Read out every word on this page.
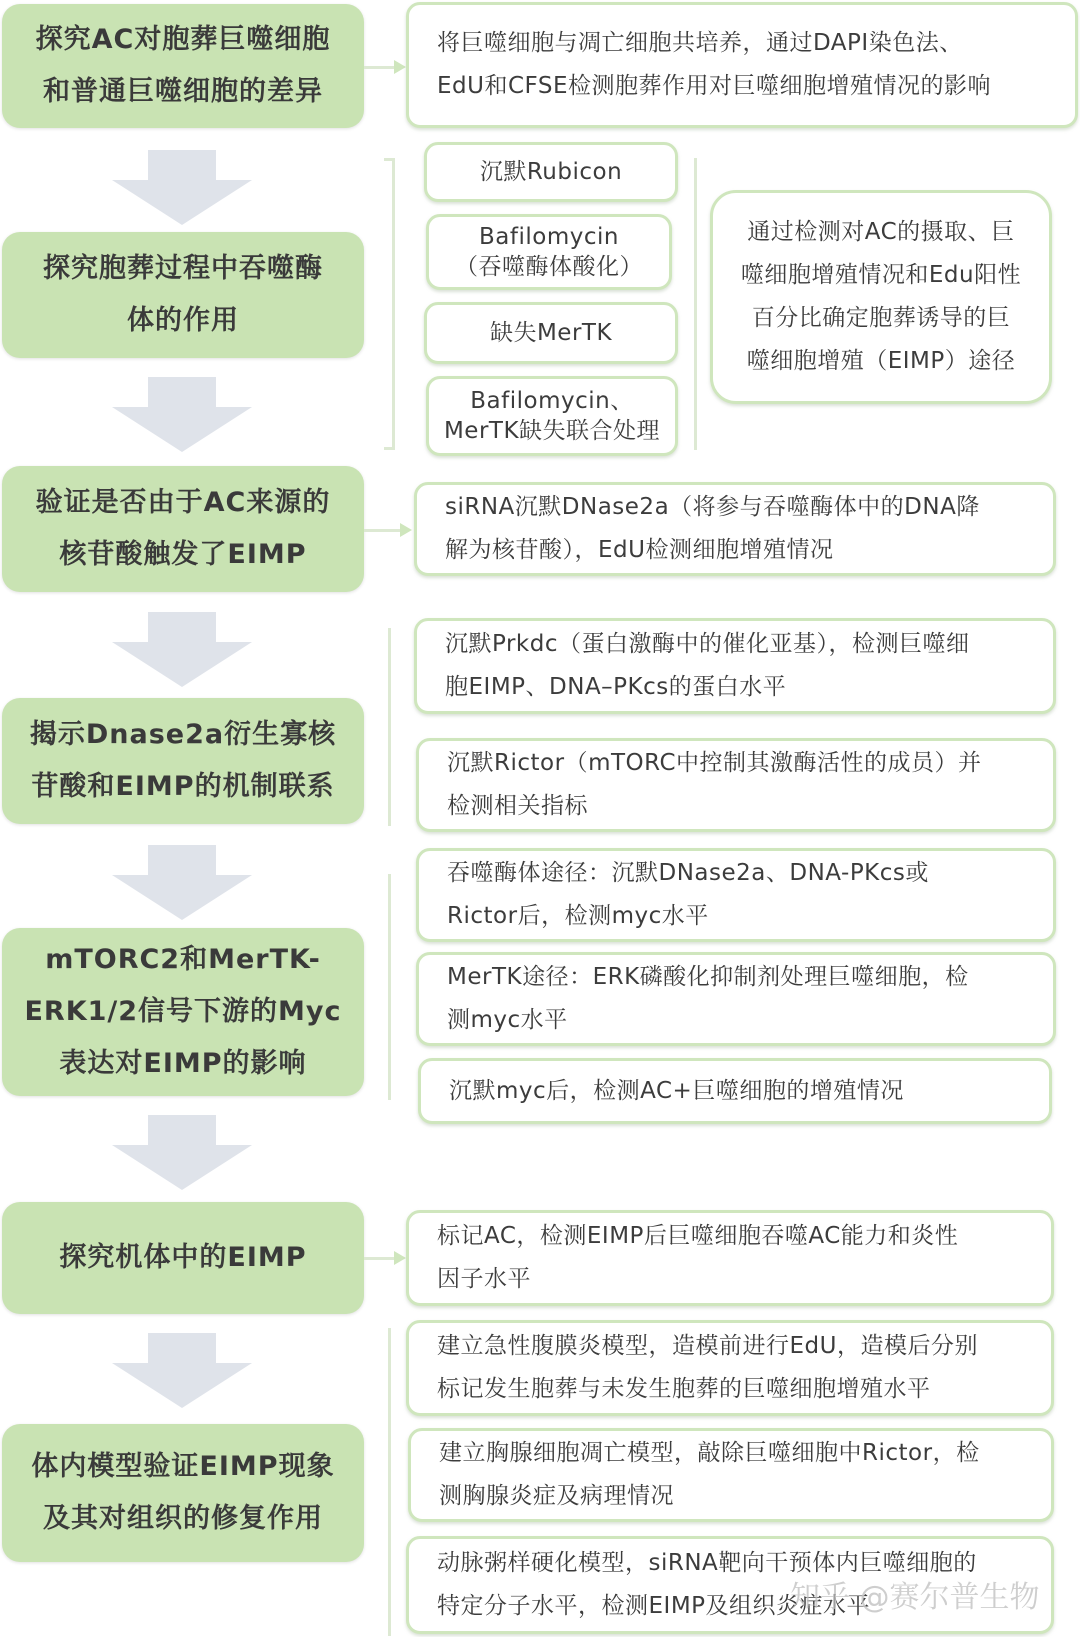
探究AC对胞葬巨噬细胞
和普通巨噬细胞的差异
探究胞葬过程中吞噬酶
体的作用
验证是否由于AC来源的
核苷酸触发了EIMP
揭示Dnase2a衍生寡核
苷酸和EIMP的机制联系
mTORC2和MerTK-
ERK1/2信号下游的Myc
表达对EIMP的影响
探究机体中的EIMP
体内模型验证EIMP现象
及其对组织的修复作用
将巨噬细胞与凋亡细胞共培养，通过DAPI染色法、
EdU和CFSE检测胞葬作用对巨噬细胞增殖情况的影响
沉默Rubicon
Bafilomycin
（吞噬酶体酸化）
缺失MerTK
Bafilomycin、
MerTK缺失联合处理
通过检测对AC的摄取、巨
噬细胞增殖情况和Edu阳性
百分比确定胞葬诱导的巨
噬细胞增殖（EIMP）途径
siRNA沉默DNase2a（将参与吞噬酶体中的DNA降
解为核苷酸），EdU检测细胞增殖情况
沉默Prkdc（蛋白激酶中的催化亚基），检测巨噬细
胞EIMP、DNA–PKcs的蛋白水平
沉默Rictor（mTORC中控制其激酶活性的成员）并
检测相关指标
吞噬酶体途径：沉默DNase2a、DNA-PKcs或
Rictor后，检测myc水平
MerTK途径：ERK磷酸化抑制剂处理巨噬细胞，检
测myc水平
沉默myc后，检测AC+巨噬细胞的增殖情况
标记AC，检测EIMP后巨噬细胞吞噬AC能力和炎性
因子水平
建立急性腹膜炎模型，造模前进行EdU，造模后分别
标记发生胞葬与未发生胞葬的巨噬细胞增殖水平
建立胸腺细胞凋亡模型，敲除巨噬细胞中Rictor，检
测胸腺炎症及病理情况
动脉粥样硬化模型，siRNA靶向干预体内巨噬细胞的
特定分子水平，检测EIMP及组织炎症水平
知乎 @赛尔普生物
